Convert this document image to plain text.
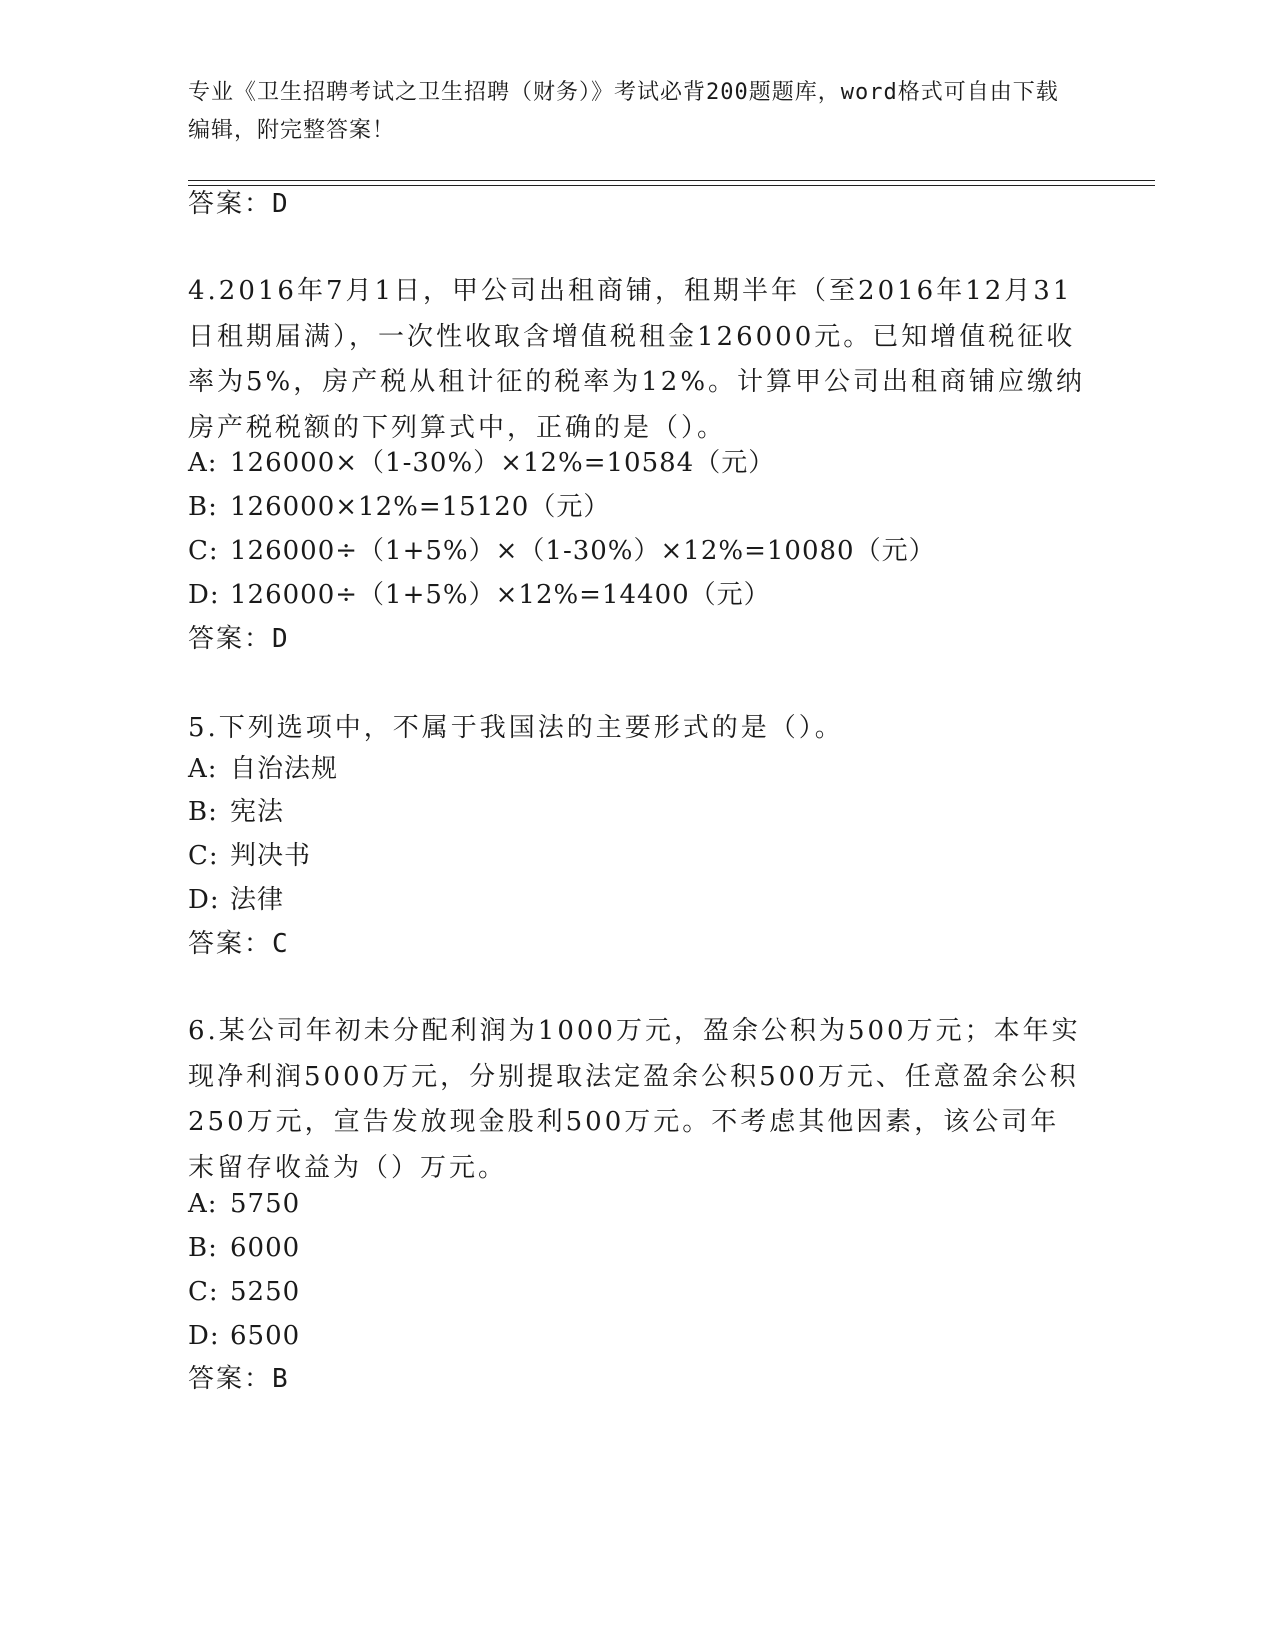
专业《卫生招聘考试之卫生招聘（财务）》考试必背200题题库，word格式可自由下载编辑，附完整答案！
答案：D
4.2016年7月1日，甲公司出租商铺，租期半年（至2016年12月31日租期届满），一次性收取含增值税租金126000元。已知增值税征收率为5%，房产税从租计征的税率为12%。计算甲公司出租商铺应缴纳房产税税额的下列算式中，正确的是（）。
A: 126000×（1-30%）×12%=10584（元）
B: 126000×12%=15120（元）
C: 126000÷（1+5%）×（1-30%）×12%=10080（元）
D: 126000÷（1+5%）×12%=14400（元）
答案：D
5.下列选项中，不属于我国法的主要形式的是（）。
A: 自治法规
B: 宪法
C: 判决书
D: 法律
答案：C
6.某公司年初未分配利润为1000万元，盈余公积为500万元；本年实现净利润5000万元，分别提取法定盈余公积500万元、任意盈余公积250万元，宣告发放现金股利500万元。不考虑其他因素，该公司年末留存收益为（）万元。
A: 5750
B: 6000
C: 5250
D: 6500
答案：B
